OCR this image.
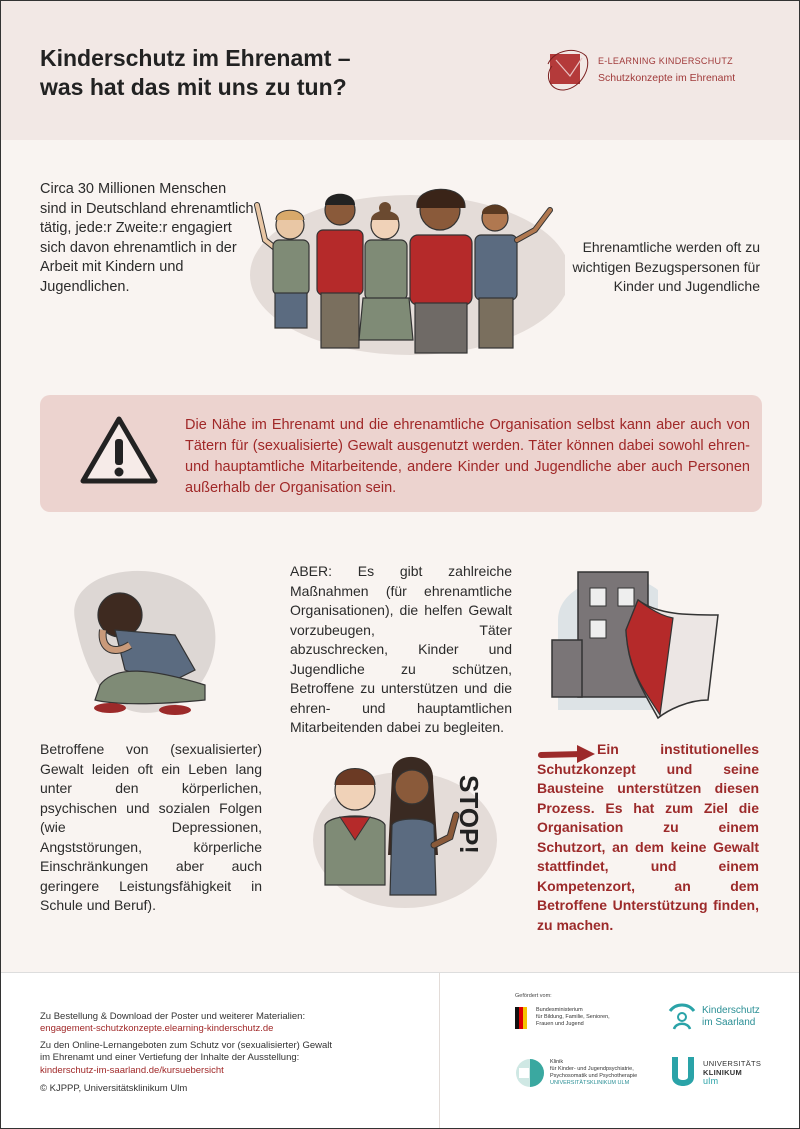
Kinderschutz im Ehrenamt –
was hat das mit uns zu tun?
E-LEARNING KINDERSCHUTZ
Schutzkonzepte im Ehrenamt
Circa 30 Millionen Menschen sind in Deutschland ehrenamtlich tätig, jede:r Zweite:r engagiert sich davon ehrenamtlich in der Arbeit mit Kindern und Jugendlichen.
Ehrenamtliche werden oft zu wichtigen Bezugspersonen für Kinder und Jugendliche
Die Nähe im Ehrenamt und die ehrenamtliche Organisation selbst kann aber auch von Tätern für (sexualisierte) Gewalt ausgenutzt werden. Täter können dabei sowohl ehren- und hauptamtliche Mitarbeitende, andere Kinder und Jugendliche aber auch Personen außerhalb der Organisation sein.
ABER: Es gibt zahlreiche Maßnahmen (für ehrenamtliche Organisationen), die helfen Gewalt vorzubeugen, Täter abzuschrecken, Kinder und Jugendliche zu schützen, Betroffene zu unterstützen und die ehren- und hauptamtlichen Mitarbeitenden dabei zu begleiten.
Betroffene von (sexualisierter) Gewalt leiden oft ein Leben lang unter den körperlichen, psychischen und sozialen Folgen (wie Depressionen, Angststörungen, körperliche Einschränkungen aber auch geringere Leistungsfähigkeit in Schule und Beruf).
STOP!
Ein institutionelles Schutzkonzept und seine Bausteine unterstützen diesen Prozess. Es hat zum Ziel die Organisation zu einem Schutzort, an dem keine Gewalt stattfindet, und einem Kompetenzort, an dem Betroffene Unterstützung finden, zu machen.
Zu Bestellung & Download der Poster und weiterer Materialien:
engagement-schutzkonzepte.elearning-kinderschutz.de
Zu den Online-Lernangeboten zum Schutz vor (sexualisierter) Gewalt
im Ehrenamt und einer Vertiefung der Inhalte der Ausstellung:
kinderschutz-im-saarland.de/kursuebersicht
© KJPPP, Universitätsklinikum Ulm
Gefördert vom:
Bundesministerium
für Bildung, Familie, Senioren,
Frauen und Jugend
Kinderschutz
im Saarland
Klinik
für Kinder- und Jugendpsychiatrie,
Psychosomatik und Psychotherapie
UNIVERSITÄTSKLINIKUM ULM
UNIVERSITÄTS
KLINIKUM
ulm
